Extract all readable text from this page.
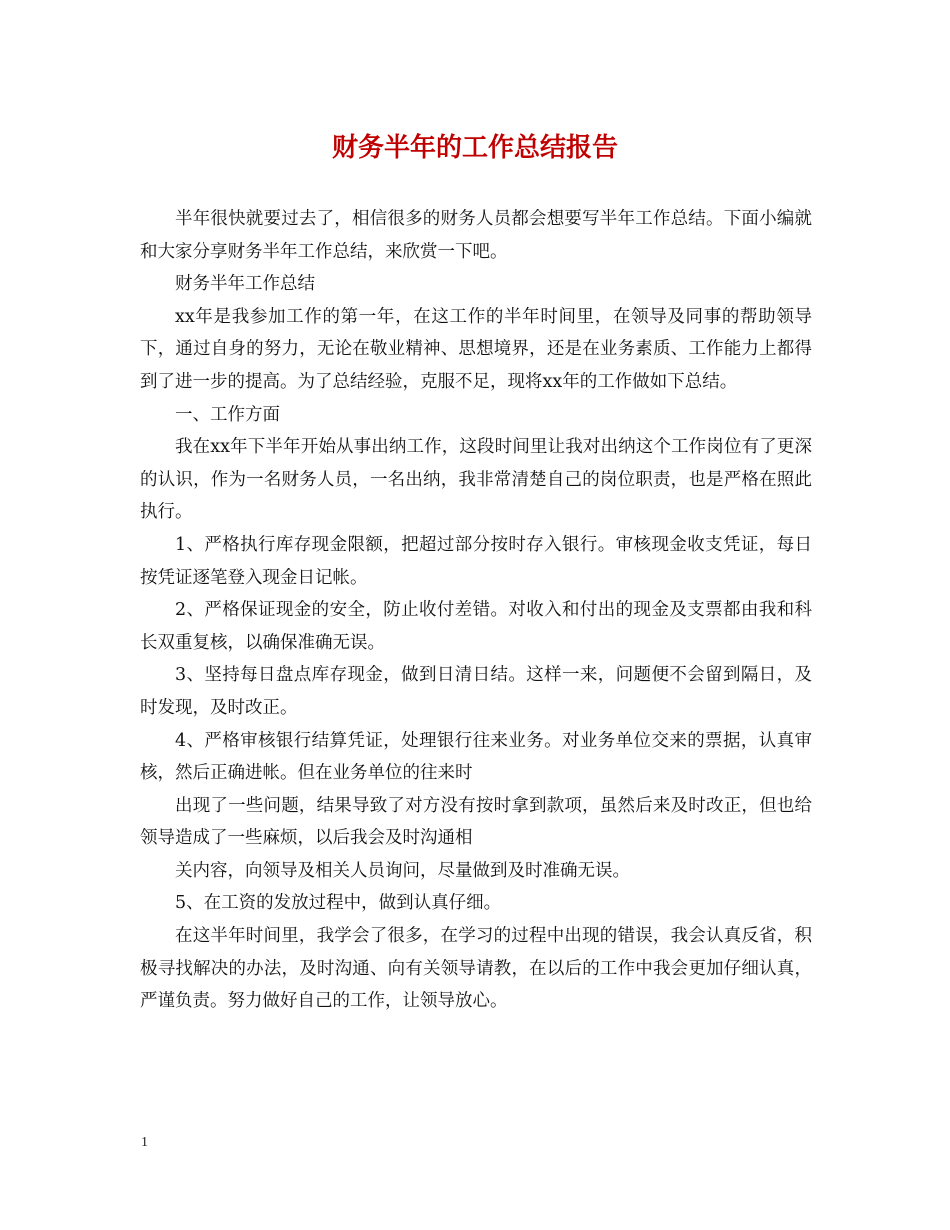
财务半年的工作总结报告

半年很快就要过去了，相信很多的财务人员都会想要写半年工作总结。下面小编就和大家分享财务半年工作总结，来欣赏一下吧。

财务半年工作总结

xx年是我参加工作的第一年，在这工作的半年时间里，在领导及同事的帮助领导下，通过自身的努力，无论在敬业精神、思想境界，还是在业务素质、工作能力上都得到了进一步的提高。为了总结经验，克服不足，现将xx年的工作做如下总结。

一、工作方面

我在xx年下半年开始从事出纳工作，这段时间里让我对出纳这个工作岗位有了更深的认识，作为一名财务人员，一名出纳，我非常清楚自己的岗位职责，也是严格在照此执行。

1、严格执行库存现金限额，把超过部分按时存入银行。审核现金收支凭证，每日按凭证逐笔登入现金日记帐。

2、严格保证现金的安全，防止收付差错。对收入和付出的现金及支票都由我和科长双重复核，以确保准确无误。

3、坚持每日盘点库存现金，做到日清日结。这样一来，问题便不会留到隔日，及时发现，及时改正。

4、严格审核银行结算凭证，处理银行往来业务。对业务单位交来的票据，认真审核，然后正确进帐。但在业务单位的往来时

出现了一些问题，结果导致了对方没有按时拿到款项，虽然后来及时改正，但也给领导造成了一些麻烦，以后我会及时沟通相

关内容，向领导及相关人员询问，尽量做到及时准确无误。

5、在工资的发放过程中，做到认真仔细。

在这半年时间里，我学会了很多，在学习的过程中出现的错误，我会认真反省，积极寻找解决的办法，及时沟通、向有关领导请教，在以后的工作中我会更加仔细认真，严谨负责。努力做好自己的工作，让领导放心。

1
